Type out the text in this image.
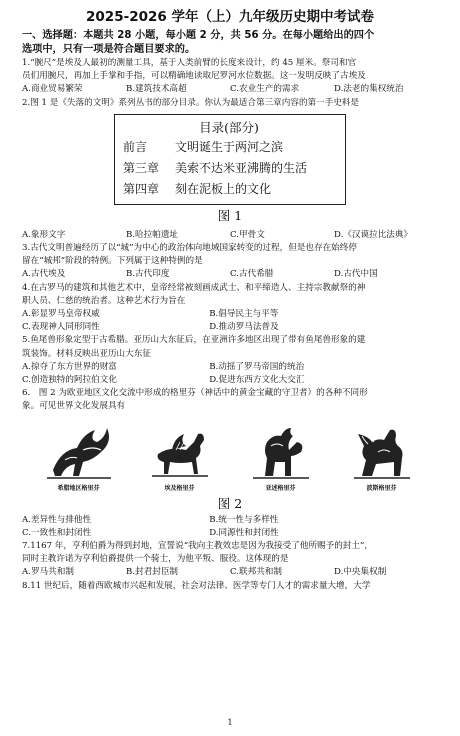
2025-2026 学年（上）九年级历史期中考试卷
一、选择题：本题共 28 小题，每小题 2 分，共 56 分。在每小题给出的四个
选项中，只有一项是符合题目要求的。
1.“腕尺”是埃及人最初的测量工具，基于人类前臂的长度来设计，约 45 厘米。祭司和官
员们用腕尺，再加上手掌和手指，可以精确地读取尼罗河水位数据。这一发明反映了古埃及
A.商业贸易繁荣	B.建筑技术高超	C.农业生产的需求	D.法老的集权统治
2.图 1 是《失落的文明》系列丛书的部分目录。你认为最适合第三章内容的第一手史料是
目录(部分)
前言	文明诞生于两河之滨
第三章	美索不达米亚沸腾的生活
第四章	刻在泥板上的文化
图 1
A.象形文字	B.哈拉帕遗址	C.甲骨文	D.《汉谟拉比法典》
3.古代文明普遍经历了以“城”为中心的政治体向地域国家转变的过程，但是也存在始终停
留在“城邦”阶段的特例。下列属于这种特例的是
A.古代埃及	B.古代印度	C.古代希腊	D.古代中国
4.在古罗马的建筑和其他艺术中，皇帝经常被刻画成武士、和平缔造人、主持宗教献祭的神
职人员、仁慈的统治者。这种艺术行为旨在
A.彰显罗马皇帝权威	B.倡导民主与平等
C.表现神人同形同性	D.推动罗马法普及
5.鱼尾兽形象定型于古希腊。亚历山大东征后，在亚洲许多地区出现了带有鱼尾兽形象的建
筑装饰。材料反映出亚历山大东征
A.掠夺了东方世界的财富	B.动摇了罗马帝国的统治
C.创造独特的阿拉伯文化	D.促进东西方文化大交汇
6.　图 2 为欧亚地区文化交流中形成的格里芬（神话中的黄金宝藏的守卫者）的各种不同形
象。可见世界文化发展具有
希腊地区格里芬	埃及格里芬	亚述格里芬	波斯格里芬
图 2
A.差异性与排他性	B.统一性与多样性
C.一致性和封闭性	D.同源性和封闭性
7.1167 年，亨利伯爵为得到封地，宣誓说“我向主教效忠是因为我接受了他所赐予的封土”，
同时主教许诺为亨利伯爵提供一个骑士，为他平叛、服役。这体现的是
A.罗马共和制	B.封君封臣制	C.联邦共和制	D.中央集权制
8.11 世纪后，随着西欧城市兴起和发展，社会对法律、医学等专门人才的需求量大增，大学
1
